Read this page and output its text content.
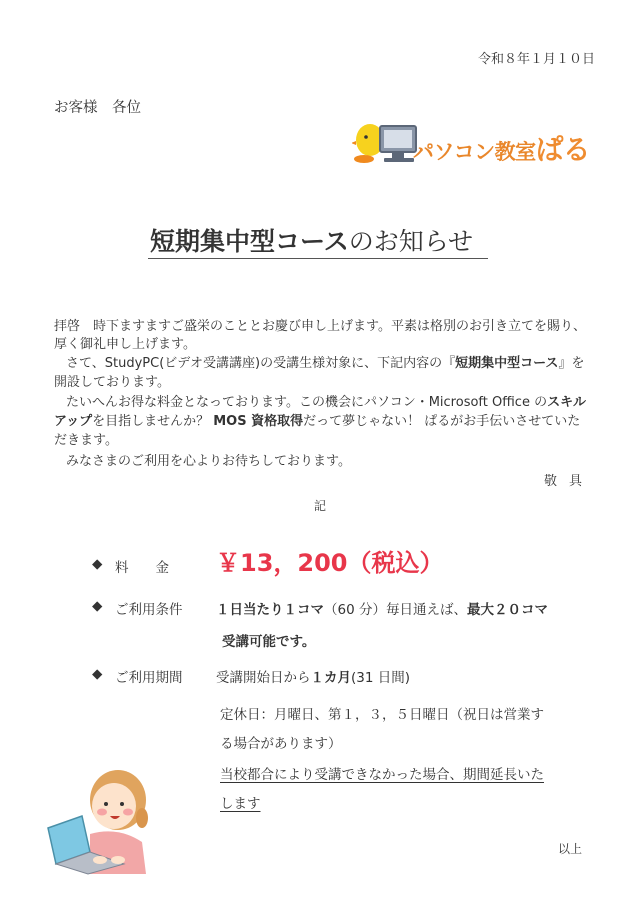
令和８年１月１０日
お客様　各位
パソコン教室ぱる
短期集中型コースのお知らせ
拝啓　時下ますますご盛栄のこととお慶び申し上げます。平素は格別のお引き立てを賜り、
厚く御礼申し上げます。
さて、StudyPC(ビデオ受講講座)の受講生様対象に、下記内容の『短期集中型コース』を
開設しております。
たいへんお得な料金となっております。この機会にパソコン・Microsoft Office のスキル
アップを目指しませんか？ MOS 資格取得だって夢じゃない！ ぱるがお手伝いさせていた
だきます。
みなさまのご利用を心よりお待ちしております。
敬具
記
◆ 料　　金 ￥13，200（税込）
◆ ご利用条件 １日当たり１コマ（60 分）毎日通えば、最大２０コマ
受講可能です。
◆ ご利用期間 受講開始日から１カ月(31 日間)
定休日：月曜日、第１，３，５日曜日（祝日は営業す
る場合があります）
当校都合により受講できなかった場合、期間延長いた
します
以上
